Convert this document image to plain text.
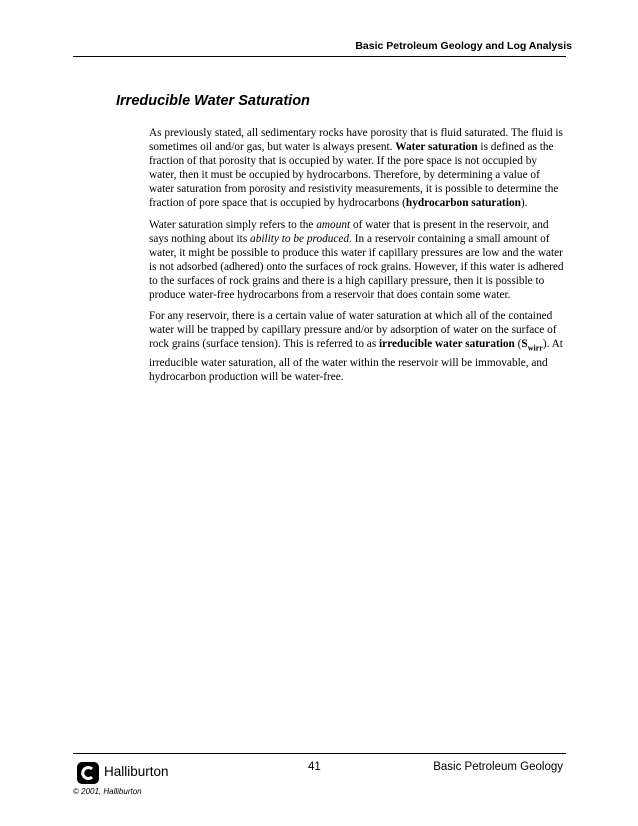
Basic Petroleum Geology and Log Analysis
Irreducible Water Saturation

As previously stated, all sedimentary rocks have porosity that is fluid saturated. The fluid is sometimes oil and/or gas, but water is always present. Water saturation is defined as the fraction of that porosity that is occupied by water. If the pore space is not occupied by water, then it must be occupied by hydrocarbons. Therefore, by determining a value of water saturation from porosity and resistivity measurements, it is possible to determine the fraction of pore space that is occupied by hydrocarbons (hydrocarbon saturation).

Water saturation simply refers to the amount of water that is present in the reservoir, and says nothing about its ability to be produced. In a reservoir containing a small amount of water, it might be possible to produce this water if capillary pressures are low and the water is not adsorbed (adhered) onto the surfaces of rock grains. However, if this water is adhered to the surfaces of rock grains and there is a high capillary pressure, then it is possible to produce water-free hydrocarbons from a reservoir that does contain some water.

For any reservoir, there is a certain value of water saturation at which all of the contained water will be trapped by capillary pressure and/or by adsorption of water on the surface of rock grains (surface tension). This is referred to as irreducible water saturation $(S_{wirr})$. At irreducible water saturation, all of the water within the reservoir will be immovable, and hydrocarbon production will be water-free.

Halliburton	41	Basic Petroleum Geology
© 2001, Halliburton
